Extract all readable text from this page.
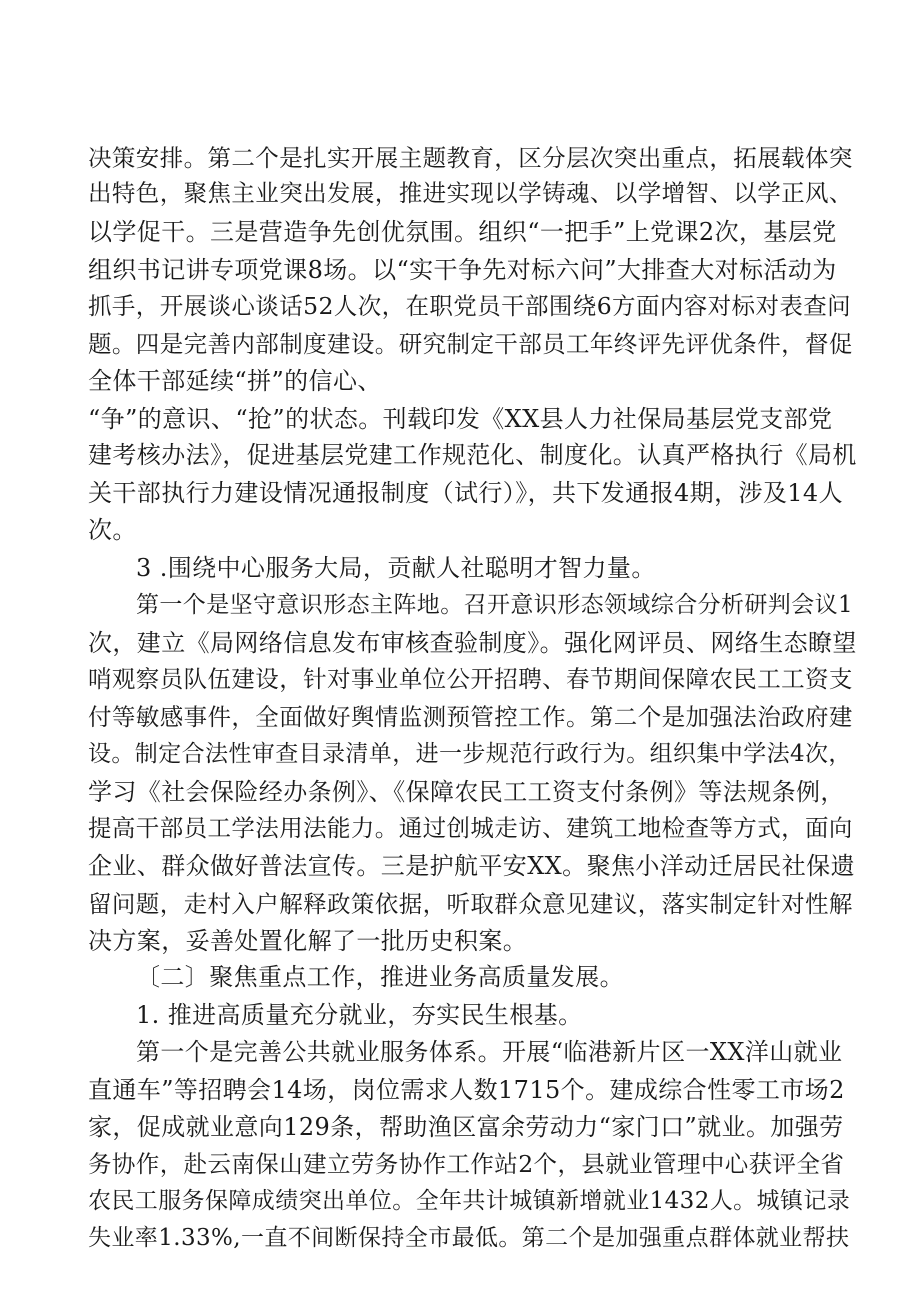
决策安排。第二个是扎实开展主题教育，区分层次突出重点，拓展载体突
出特色，聚焦主业突出发展，推进实现以学铸魂、以学增智、以学正风、
以学促干。三是营造争先创优氛围。组织“一把手”上党课2次，基层党
组织书记讲专项党课8场。以“实干争先对标六问”大排查大对标活动为
抓手，开展谈心谈话52人次，在职党员干部围绕6方面内容对标对表查问
题。四是完善内部制度建设。研究制定干部员工年终评先评优条件，督促
全体干部延续“拼”的信心、
“争”的意识、“抢”的状态。刊载印发《XX县人力社保局基层党支部党
建考核办法》，促进基层党建工作规范化、制度化。认真严格执行《局机
关干部执行力建设情况通报制度（试行）》，共下发通报4期，涉及14人
次。
3 .围绕中心服务大局，贡献人社聪明才智力量。
第一个是坚守意识形态主阵地。召开意识形态领域综合分析研判会议1
次，建立《局网络信息发布审核查验制度》。强化网评员、网络生态瞭望
哨观察员队伍建设，针对事业单位公开招聘、春节期间保障农民工工资支
付等敏感事件，全面做好舆情监测预管控工作。第二个是加强法治政府建
设。制定合法性审查目录清单，进一步规范行政行为。组织集中学法4次，
学习《社会保险经办条例》、《保障农民工工资支付条例》等法规条例，
提高干部员工学法用法能力。通过创城走访、建筑工地检查等方式，面向
企业、群众做好普法宣传。三是护航平安XX。聚焦小洋动迁居民社保遗
留问题，走村入户解释政策依据，听取群众意见建议，落实制定针对性解
决方案，妥善处置化解了一批历史积案。
〔二〕聚焦重点工作，推进业务高质量发展。
1. 推进高质量充分就业，夯实民生根基。
第一个是完善公共就业服务体系。开展“临港新片区一XX洋山就业
直通车”等招聘会14场，岗位需求人数1715个。建成综合性零工市场2
家，促成就业意向129条，帮助渔区富余劳动力“家门口”就业。加强劳
务协作，赴云南保山建立劳务协作工作站2个，县就业管理中心获评全省
农民工服务保障成绩突出单位。全年共计城镇新增就业1432人。城镇记录
失业率1.33%,一直不间断保持全市最低。第二个是加强重点群体就业帮扶
